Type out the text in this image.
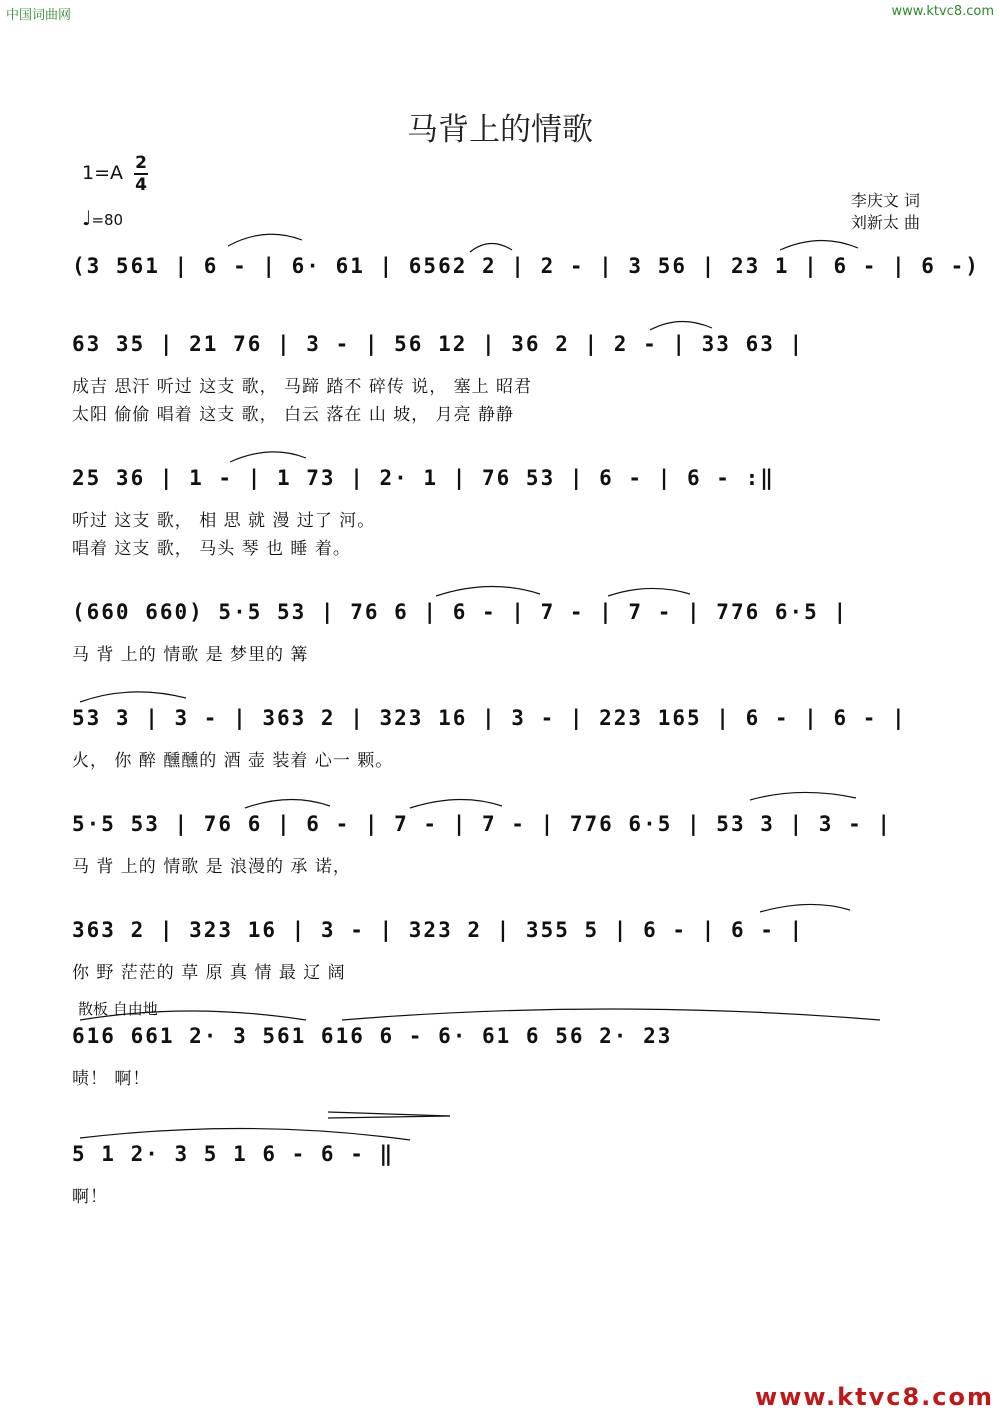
中国词曲网	www.ktvc8.com
马背上的情歌
1=A 2
4
♩=80
李庆文 词
刘新太 曲
(3 561 | 6 - | 6· 61 | 6562 2 | 2 - | 3 56 | 23 1 | 6 - | 6 -)
63 35 | 21 76 | 3 - | 56 12 | 36 2 | 2 - | 33 63 |
成吉 思汗 听过 这支 歌， 马蹄 踏不 碎传 说， 塞上 昭君
太阳 偷偷 唱着 这支 歌， 白云 落在 山 坡， 月亮 静静
25 36 | 1 - | 1 73 | 2· 1 | 76 53 | 6 - | 6 - :‖
听过 这支 歌， 相 思 就 漫 过了 河。
唱着 这支 歌， 马头 琴 也 睡 着。
(660 660) 5·5 53 | 76 6 | 6 - | 7 - | 7 - | 776 6·5 |
马 背 上的 情歌 是 梦里的 篝
53 3 | 3 - | 363 2 | 323 16 | 3 - | 223 165 | 6 - | 6 - |
火， 你 醉 醺醺的 酒 壶 装着 心一 颗。
5·5 53 | 76 6 | 6 - | 7 - | 7 - | 776 6·5 | 53 3 | 3 - |
马 背 上的 情歌 是 浪漫的 承 诺，
363 2 | 323 16 | 3 - | 323 2 | 355 5 | 6 - | 6 - |
你 野 茫茫的 草 原 真 情 最 辽 阔
散板 自由地
616 661 2· 3 561 616 6 - 6· 61 6 56 2· 23
啧！ 啊！
5 1 2· 3 5 1 6 - 6 - ‖
啊！
www.ktvc8.com
